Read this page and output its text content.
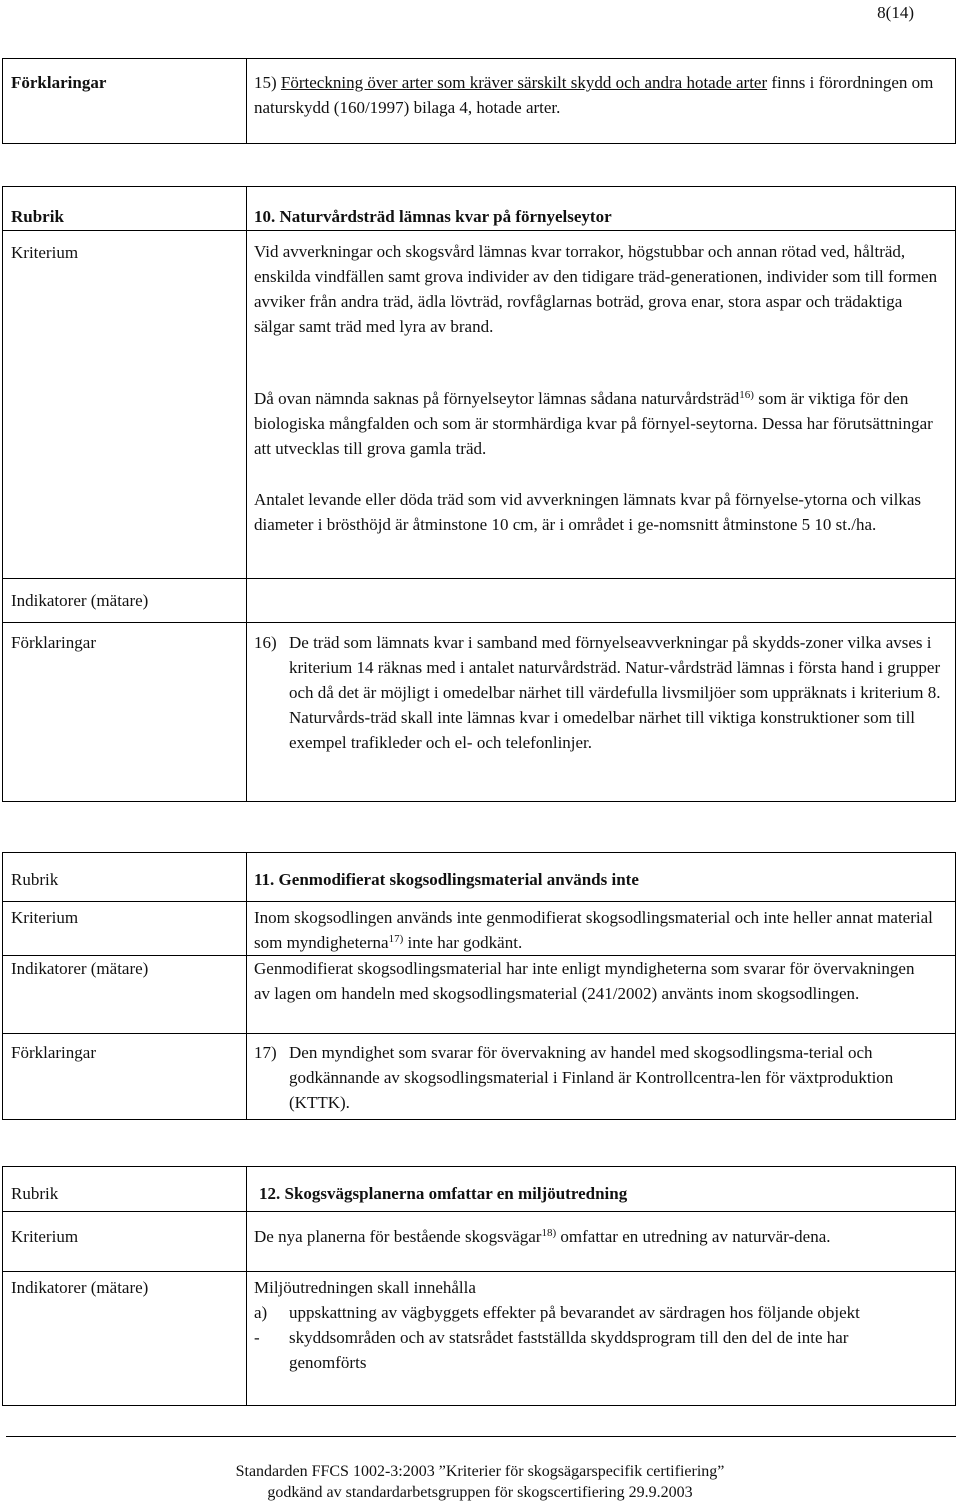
8(14)
Förklaringar	15) Förteckning över arter som kräver särskilt skydd och andra hotade arter finns i förordningen om naturskydd (160/1997) bilaga 4, hotade arter.
Rubrik	10. Naturvårdsträd lämnas kvar på förnyelseytor
Kriterium	Vid avverkningar och skogsvård lämnas kvar torrakor, högstubbar och annan rötad ved, hålträd, enskilda vindfällen samt grova individer av den tidigare träd-generationen, individer som till formen avviker från andra träd, ädla lövträd, rovfåglarnas boträd, grova enar, stora aspar och trädaktiga sälgar samt träd med lyra av brand.
Då ovan nämnda saknas på förnyelseytor lämnas sådana naturvårdsträd$^{16)}$ som är viktiga för den biologiska mångfalden och som är stormhärdiga kvar på förnyel-seytorna. Dessa har förutsättningar att utvecklas till grova gamla träd.
Antalet levande eller döda träd som vid avverkningen lämnats kvar på förnyelse-ytorna och vilkas diameter i brösthöjd är åtminstone 10 cm, är i området i ge-nomsnitt åtminstone 5 10 st./ha.
Indikatorer (mätare)
Förklaringar	16) De träd som lämnats kvar i samband med förnyelseavverkningar på skydds-zoner vilka avses i kriterium 14 räknas med i antalet naturvårdsträd. Natur-vårdsträd lämnas i första hand i grupper och då det är möjligt i omedelbar närhet till värdefulla livsmiljöer som uppräknats i kriterium 8. Naturvårds-träd skall inte lämnas kvar i omedelbar närhet till viktiga konstruktioner som till exempel trafikleder och el- och telefonlinjer.
Rubrik	11. Genmodifierat skogsodlingsmaterial används inte
Kriterium	Inom skogsodlingen används inte genmodifierat skogsodlingsmaterial och inte heller annat material som myndigheterna$^{17)}$ inte har godkänt.
Indikatorer (mätare)	Genmodifierat skogsodlingsmaterial har inte enligt myndigheterna som svarar för övervakningen av lagen om handeln med skogsodlingsmaterial (241/2002) använts inom skogsodlingen.
Förklaringar	17) Den myndighet som svarar för övervakning av handel med skogsodlingsma-terial och godkännande av skogsodlingsmaterial i Finland är Kontrollcentra-len för växtproduktion (KTTK).
Rubrik	12. Skogsvägsplanerna omfattar en miljöutredning
Kriterium	De nya planerna för bestående skogsvägar$^{18)}$ omfattar en utredning av naturvär-dena.
Indikatorer (mätare)	Miljöutredningen skall innehålla
a) uppskattning av vägbyggets effekter på bevarandet av särdragen hos följande objekt
- skyddsområden och av statsrådet fastställda skyddsprogram till den del de inte har genomförts
Standarden FFCS 1002-3:2003 ”Kriterier för skogsägarspecifik certifiering”
godkänd av standardarbetsgruppen för skogscertifiering 29.9.2003
